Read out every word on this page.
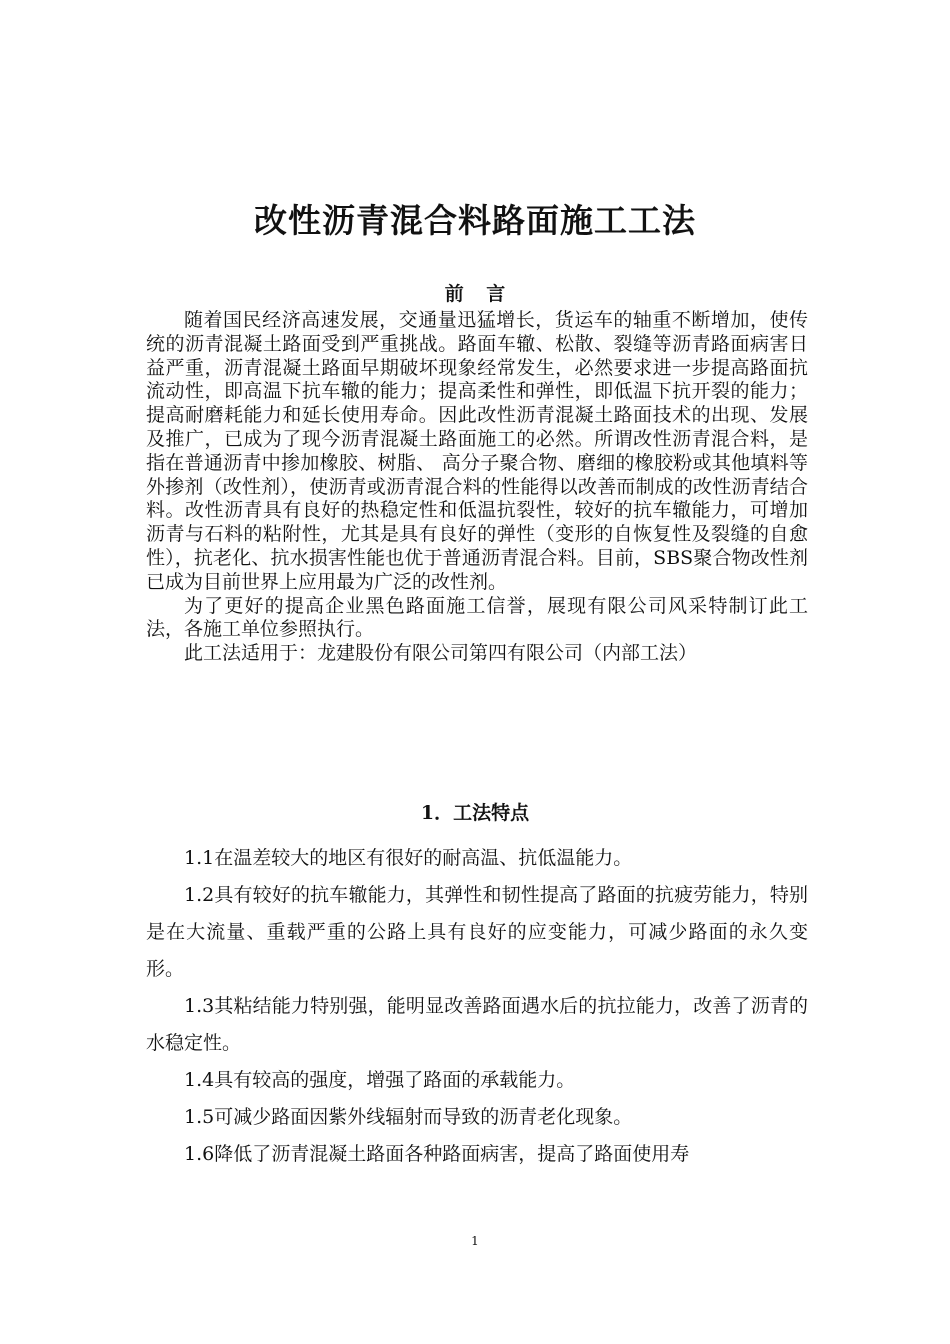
改性沥青混合料路面施工工法
前 言

随着国民经济高速发展，交通量迅猛增长，货运车的轴重不断增加，使传统的沥青混凝土路面受到严重挑战。路面车辙、松散、裂缝等沥青路面病害日益严重，沥青混凝土路面早期破坏现象经常发生，必然要求进一步提高路面抗流动性，即高温下抗车辙的能力；提高柔性和弹性，即低温下抗开裂的能力；提高耐磨耗能力和延长使用寿命。因此改性沥青混凝土路面技术的出现、发展及推广，已成为了现今沥青混凝土路面施工的必然。所谓改性沥青混合料，是指在普通沥青中掺加橡胶、树脂、 高分子聚合物、磨细的橡胶粉或其他填料等外掺剂（改性剂），使沥青或沥青混合料的性能得以改善而制成的改性沥青结合料。改性沥青具有良好的热稳定性和低温抗裂性，较好的抗车辙能力，可增加沥青与石料的粘附性，尤其是具有良好的弹性（变形的自恢复性及裂缝的自愈性），抗老化、抗水损害性能也优于普通沥青混合料。目前，SBS聚合物改性剂已成为目前世界上应用最为广泛的改性剂。

为了更好的提高企业黑色路面施工信誉，展现有限公司风采特制订此工法，各施工单位参照执行。

此工法适用于：龙建股份有限公司第四有限公司（内部工法）

1．工法特点

1.1在温差较大的地区有很好的耐高温、抗低温能力。

1.2具有较好的抗车辙能力，其弹性和韧性提高了路面的抗疲劳能力，特别是在大流量、重载严重的公路上具有良好的应变能力，可减少路面的永久变形。

1.3其粘结能力特别强，能明显改善路面遇水后的抗拉能力，改善了沥青的水稳定性。

1.4具有较高的强度，增强了路面的承载能力。

1.5可减少路面因紫外线辐射而导致的沥青老化现象。

1.6降低了沥青混凝土路面各种路面病害，提高了路面使用寿

1
